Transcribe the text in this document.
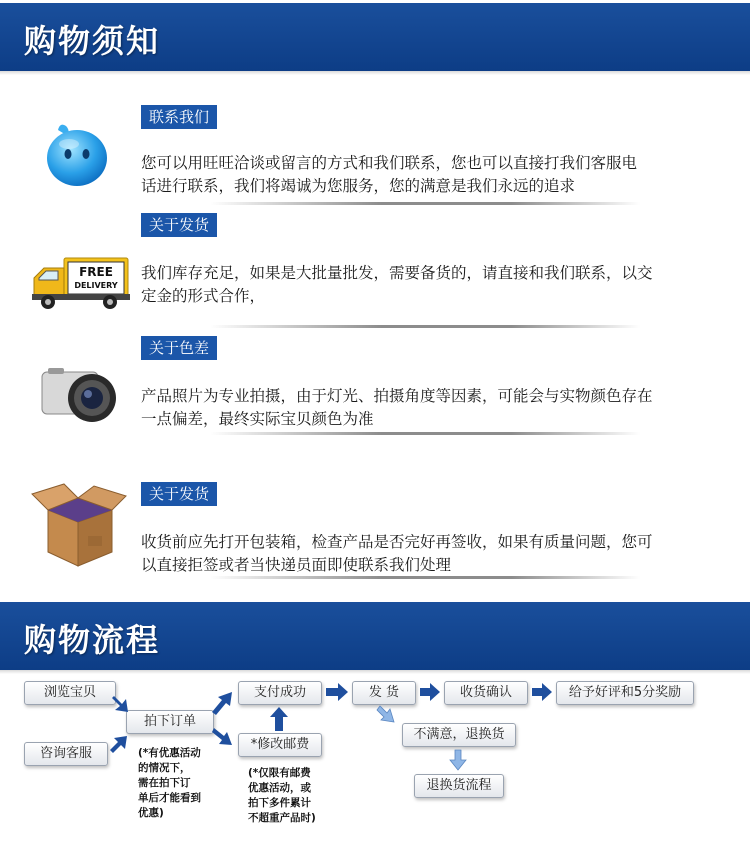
购物须知
联系我们
您可以用旺旺洽谈或留言的方式和我们联系，您也可以直接打我们客服电话进行联系，我们将竭诚为您服务，您的满意是我们永远的追求
FREE
DELIVERY
关于发货
我们库存充足，如果是大批量批发，需要备货的，请直接和我们联系，以交定金的形式合作，
关于色差
产品照片为专业拍摄，由于灯光、拍摄角度等因素，可能会与实物颜色存在一点偏差，最终实际宝贝颜色为准
关于发货
收货前应先打开包装箱，检查产品是否完好再签收，如果有质量问题，您可以直接拒签或者当快递员面即使联系我们处理
购物流程
浏览宝贝
咨询客服
拍下订单
支付成功
*修改邮费
发 货	收货确认	给予好评和5分奖励
不满意，退换货
退换货流程
(*有优惠活动
的情况下，
需在拍下订
单后才能看到
优惠)
(*仅限有邮费
优惠活动，或
拍下多件累计
不超重产品时)
